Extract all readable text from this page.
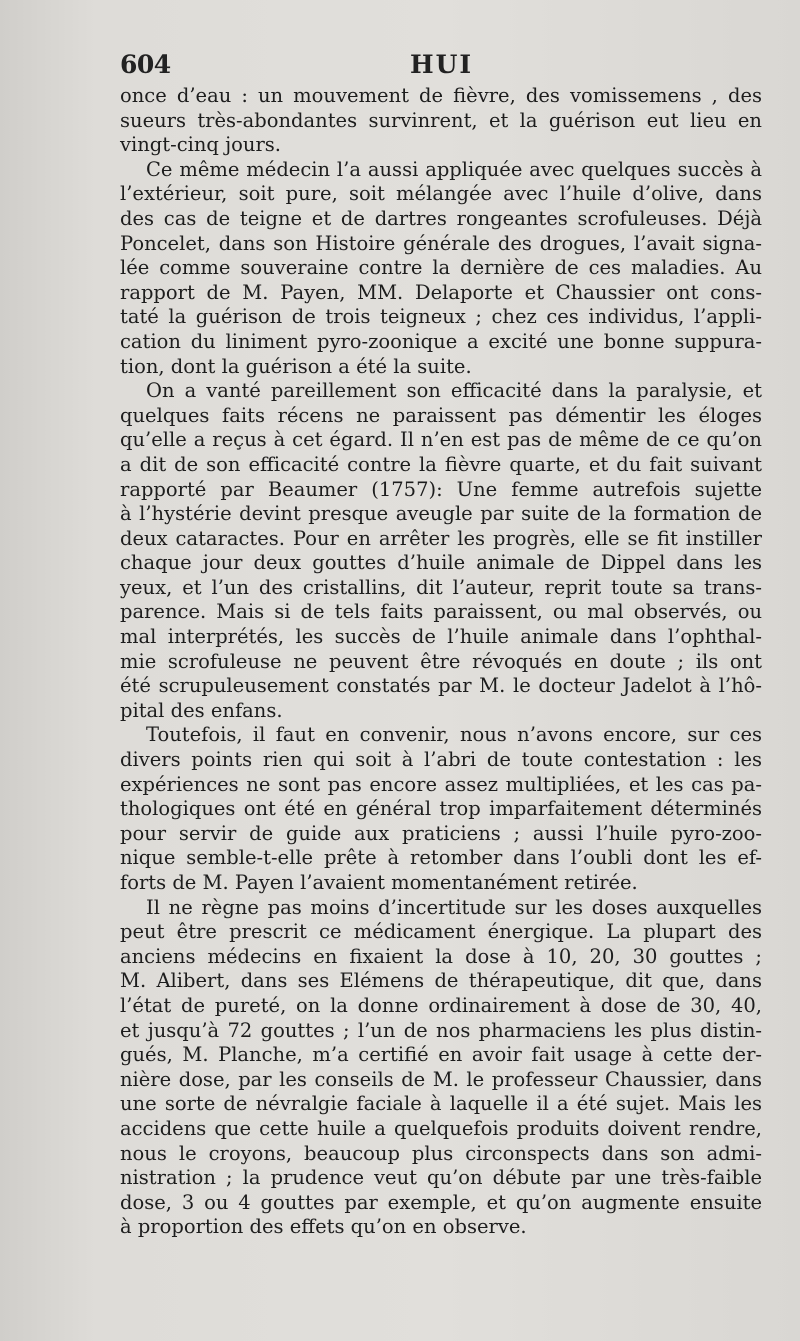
604	HUI

once d’eau : un mouvement de fièvre, des vomissemens , des

sueurs très-abondantes survinrent, et la guérison eut lieu en

vingt-cinq jours.

Ce même médecin l’a aussi appliquée avec quelques succès à

l’extérieur, soit pure, soit mélangée avec l’huile d’olive, dans

des cas de teigne et de dartres rongeantes scrofuleuses. Déjà

Poncelet, dans son Histoire générale des drogues, l’avait signa-

lée comme souveraine contre la dernière de ces maladies. Au

rapport de M. Payen, MM. Delaporte et Chaussier ont cons-

taté la guérison de trois teigneux ; chez ces individus, l’appli-

cation du liniment pyro-zoonique a excité une bonne suppura-

tion, dont la guérison a été la suite.

On a vanté pareillement son efficacité dans la paralysie, et

quelques faits récens ne paraissent pas démentir les éloges

qu’elle a reçus à cet égard. Il n’en est pas de même de ce qu’on

a dit de son efficacité contre la fièvre quarte, et du fait suivant

rapporté par Beaumer (1757): Une femme autrefois sujette

à l’hystérie devint presque aveugle par suite de la formation de

deux cataractes. Pour en arrêter les progrès, elle se fit instiller

chaque jour deux gouttes d’huile animale de Dippel dans les

yeux, et l’un des cristallins, dit l’auteur, reprit toute sa trans-

parence. Mais si de tels faits paraissent, ou mal observés, ou

mal interprétés, les succès de l’huile animale dans l’ophthal-

mie scrofuleuse ne peuvent être révoqués en doute ; ils ont

été scrupuleusement constatés par M. le docteur Jadelot à l’hô-

pital des enfans.

Toutefois, il faut en convenir, nous n’avons encore, sur ces

divers points rien qui soit à l’abri de toute contestation : les

expériences ne sont pas encore assez multipliées, et les cas pa-

thologiques ont été en général trop imparfaitement déterminés

pour servir de guide aux praticiens ; aussi l’huile pyro-zoo-

nique semble-t-elle prête à retomber dans l’oubli dont les ef-

forts de M. Payen l’avaient momentanément retirée.

Il ne règne pas moins d’incertitude sur les doses auxquelles

peut être prescrit ce médicament énergique. La plupart des

anciens médecins en fixaient la dose à 10, 20, 30 gouttes ;

M. Alibert, dans ses Elémens de thérapeutique, dit que, dans

l’état de pureté, on la donne ordinairement à dose de 30, 40,

et jusqu’à 72 gouttes ; l’un de nos pharmaciens les plus distin-

gués, M. Planche, m’a certifié en avoir fait usage à cette der-

nière dose, par les conseils de M. le professeur Chaussier, dans

une sorte de névralgie faciale à laquelle il a été sujet. Mais les

accidens que cette huile a quelquefois produits doivent rendre,

nous le croyons, beaucoup plus circonspects dans son admi-

nistration ; la prudence veut qu’on débute par une très-faible

dose, 3 ou 4 gouttes par exemple, et qu’on augmente ensuite

à proportion des effets qu’on en observe.
